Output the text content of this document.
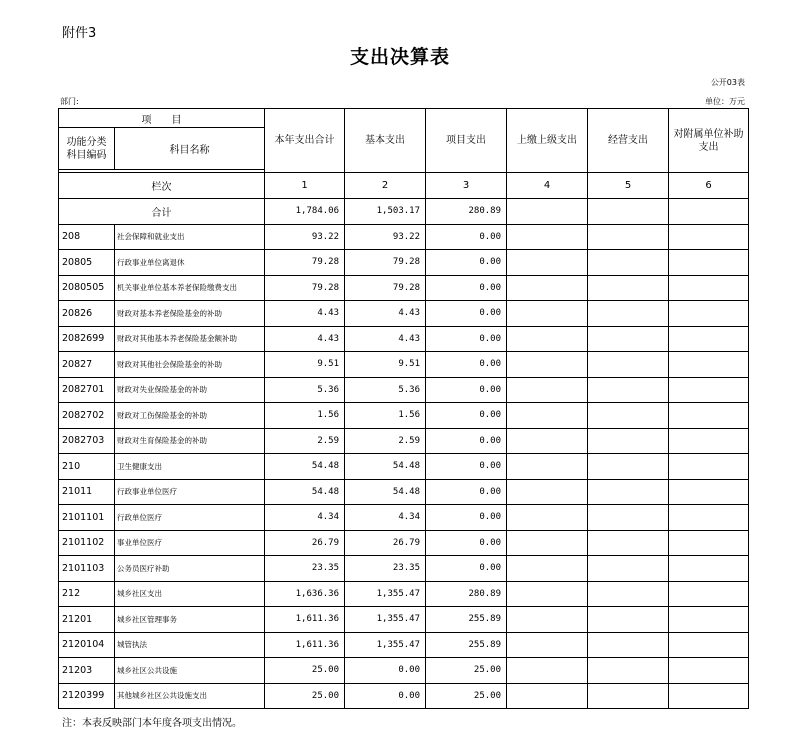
附件3
支出决算表
公开03表
部门:	单位：万元
项　　目		本年支出合计	基本支出	项目支出	上缴上级支出	经营支出	对附属单位补助支出
功能分类
科目编码	科目名称						

栏次		1	2	3	4	5	6
合计		1,784.06	1,503.17	280.89			
208	社会保障和就业支出	93.22	93.22	0.00			
20805	行政事业单位离退休	79.28	79.28	0.00			
2080505	机关事业单位基本养老保险缴费支出	79.28	79.28	0.00			
20826	财政对基本养老保险基金的补助	4.43	4.43	0.00			
2082699	财政对其他基本养老保险基金额补助	4.43	4.43	0.00			
20827	财政对其他社会保险基金的补助	9.51	9.51	0.00			
2082701	财政对失业保险基金的补助	5.36	5.36	0.00			
2082702	财政对工伤保险基金的补助	1.56	1.56	0.00			
2082703	财政对生育保险基金的补助	2.59	2.59	0.00			
210	卫生健康支出	54.48	54.48	0.00			
21011	行政事业单位医疗	54.48	54.48	0.00			
2101101	行政单位医疗	4.34	4.34	0.00			
2101102	事业单位医疗	26.79	26.79	0.00			
2101103	公务员医疗补助	23.35	23.35	0.00			
212	城乡社区支出	1,636.36	1,355.47	280.89			
21201	城乡社区管理事务	1,611.36	1,355.47	255.89			
2120104	城管执法	1,611.36	1,355.47	255.89			
21203	城乡社区公共设施	25.00	0.00	25.00			
2120399	其他城乡社区公共设施支出	25.00	0.00	25.00			
注：本表反映部门本年度各项支出情况。
